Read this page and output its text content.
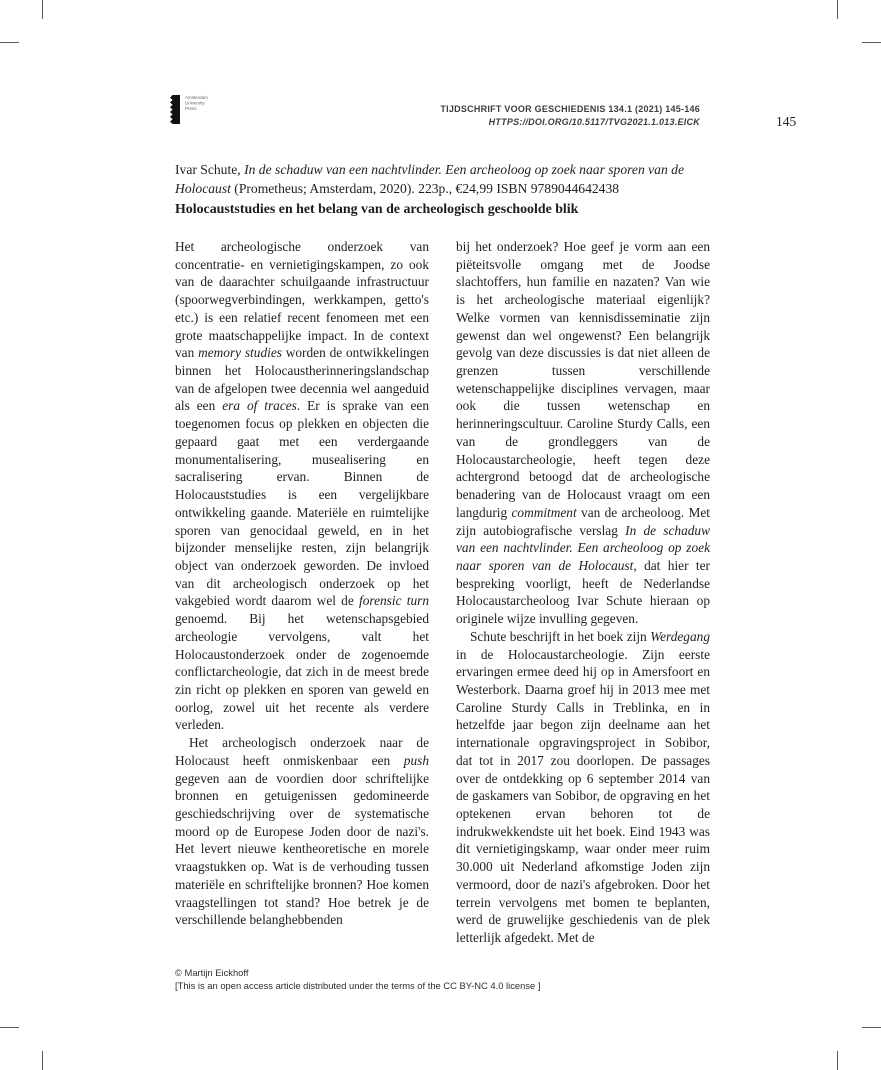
Amsterdam
University
Press	TIJDSCHRIFT VOOR GESCHIEDENIS 134.1 (2021) 145-146
HTTPS://DOI.ORG/10.5117/TVG2021.1.013.EICK	145

Ivar Schute, In de schaduw van een nachtvlinder. Een archeoloog op zoek naar sporen van de Holocaust (Prometheus; Amsterdam, 2020). 223p., €24,99 ISBN 9789044642438

Holocauststudies en het belang van de archeologisch geschoolde blik

Het archeologische onderzoek van concentratie- en vernietigingskampen, zo ook van de daarachter schuilgaande infrastructuur (spoorwegverbindingen, werkkampen, getto's etc.) is een relatief recent fenomeen met een grote maatschappelijke impact. In de context van memory studies worden de ontwikkelingen binnen het Holocaustherinneringslandschap van de afgelopen twee decennia wel aangeduid als een era of traces. Er is sprake van een toegenomen focus op plekken en objecten die gepaard gaat met een verdergaande monumentalisering, musealisering en sacralisering ervan. Binnen de Holocauststudies is een vergelijkbare ontwikkeling gaande. Materiële en ruimtelijke sporen van genocidaal geweld, en in het bijzonder menselijke resten, zijn belangrijk object van onderzoek geworden. De invloed van dit archeologisch onderzoek op het vakgebied wordt daarom wel de forensic turn genoemd. Bij het wetenschapsgebied archeologie vervolgens, valt het Holocaustonderzoek onder de zogenoemde conflictarcheologie, dat zich in de meest brede zin richt op plekken en sporen van geweld en oorlog, zowel uit het recente als verdere verleden.

Het archeologisch onderzoek naar de Holocaust heeft onmiskenbaar een push gegeven aan de voordien door schriftelijke bronnen en getuigenissen gedomineerde geschiedschrijving over de systematische moord op de Europese Joden door de nazi's. Het levert nieuwe kentheoretische en morele vraagstukken op. Wat is de verhouding tussen materiële en schriftelijke bronnen? Hoe komen vraagstellingen tot stand? Hoe betrek je de verschillende belanghebbenden

bij het onderzoek? Hoe geef je vorm aan een piëteitsvolle omgang met de Joodse slachtoffers, hun familie en nazaten? Van wie is het archeologische materiaal eigenlijk? Welke vormen van kennisdisseminatie zijn gewenst dan wel ongewenst? Een belangrijk gevolg van deze discussies is dat niet alleen de grenzen tussen verschillende wetenschappelijke disciplines vervagen, maar ook die tussen wetenschap en herinneringscultuur. Caroline Sturdy Calls, een van de grondleggers van de Holocaustarcheologie, heeft tegen deze achtergrond betoogd dat de archeologische benadering van de Holocaust vraagt om een langdurig commitment van de archeoloog. Met zijn autobiografische verslag In de schaduw van een nachtvlinder. Een archeoloog op zoek naar sporen van de Holocaust, dat hier ter bespreking voorligt, heeft de Nederlandse Holocaustarcheoloog Ivar Schute hieraan op originele wijze invulling gegeven.

Schute beschrijft in het boek zijn Werdegang in de Holocaustarcheologie. Zijn eerste ervaringen ermee deed hij op in Amersfoort en Westerbork. Daarna groef hij in 2013 mee met Caroline Sturdy Calls in Treblinka, en in hetzelfde jaar begon zijn deelname aan het internationale opgravingsproject in Sobibor, dat tot in 2017 zou doorlopen. De passages over de ontdekking op 6 september 2014 van de gaskamers van Sobibor, de opgraving en het optekenen ervan behoren tot de indrukwekkendste uit het boek. Eind 1943 was dit vernietigingskamp, waar onder meer ruim 30.000 uit Nederland afkomstige Joden zijn vermoord, door de nazi's afgebroken. Door het terrein vervolgens met bomen te beplanten, werd de gruwelijke geschiedenis van de plek letterlijk afgedekt. Met de

© Martijn Eickhoff
[This is an open access article distributed under the terms of the CC BY-NC 4.0 license ]
